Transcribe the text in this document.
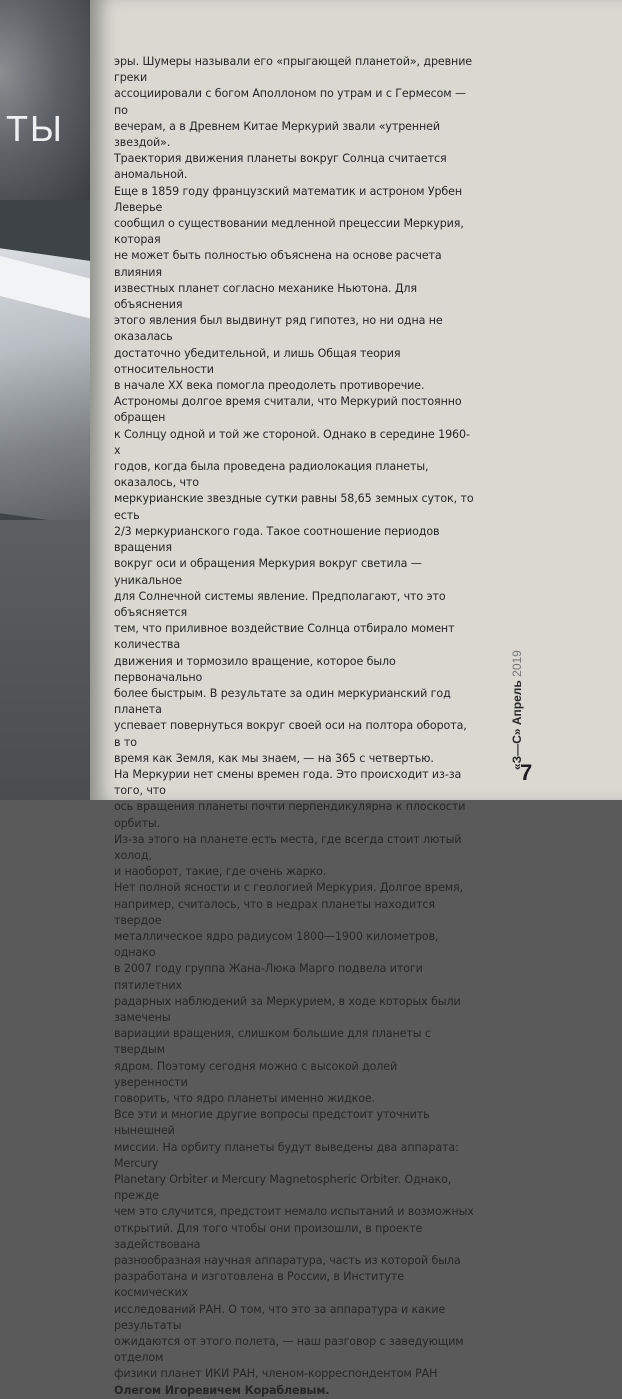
ТЫ

эры. Шумеры называли его «прыгающей планетой», древние греки

ассоциировали с богом Аполлоном по утрам и с Гермесом — по

вечерам, а в Древнем Китае Меркурий звали «утренней звездой».

Траектория движения планеты вокруг Солнца считается аномальной.

Еще в 1859 году французский математик и астроном Урбен Леверье

сообщил о существовании медленной прецессии Меркурия, которая

не может быть полностью объяснена на основе расчета влияния

известных планет согласно механике Ньютона. Для объяснения

этого явления был выдвинут ряд гипотез, но ни одна не оказалась

достаточно убедительной, и лишь Общая теория относительности

в начале XX века помогла преодолеть противоречие.

Астрономы долгое время считали, что Меркурий постоянно обращен

к Солнцу одной и той же стороной. Однако в середине 1960-х

годов, когда была проведена радиолокация планеты, оказалось, что

меркурианские звездные сутки равны 58,65 земных суток, то есть

2/3 меркурианского года. Такое соотношение периодов вращения

вокруг оси и обращения Меркурия вокруг светила — уникальное

для Солнечной системы явление. Предполагают, что это объясняется

тем, что приливное воздействие Солнца отбирало момент количества

движения и тормозило вращение, которое было первоначально

более быстрым. В результате за один меркурианский год планета

успевает повернуться вокруг своей оси на полтора оборота, в то

время как Земля, как мы знаем, — на 365 с четвертью.

На Меркурии нет смены времен года. Это происходит из-за того, что

ось вращения планеты почти перпендикулярна к плоскости орбиты.

Из-за этого на планете есть места, где всегда стоит лютый холод,

и наоборот, такие, где очень жарко.

Нет полной ясности и с геологией Меркурия. Долгое время,

например, считалось, что в недрах планеты находится твердое

металлическое ядро радиусом 1800—1900 километров, однако

в 2007 году группа Жана-Люка Марго подвела итоги пятилетних

радарных наблюдений за Меркурием, в ходе которых были замечены

вариации вращения, слишком большие для планеты с твердым

ядром. Поэтому сегодня можно с высокой долей уверенности

говорить, что ядро планеты именно жидкое.

Все эти и многие другие вопросы предстоит уточнить нынешней

миссии. На орбиту планеты будут выведены два аппарата: Mercury

Planetary Orbiter и Mercury Magnetospheric Orbiter. Однако, прежде

чем это случится, предстоит немало испытаний и возможных

открытий. Для того чтобы они произошли, в проекте задействована

разнообразная научная аппаратура, часть из которой была

разработана и изготовлена в России, в Институте космических

исследований РАН. О том, что это за аппаратура и какие результаты

ожидаются от этого полета, — наш разговор с заведующим отделом

физики планет ИКИ РАН, членом-корреспондентом РАН

Олегом Игоревичем Кораблевым.

«З—С» Апрель 2019
7
